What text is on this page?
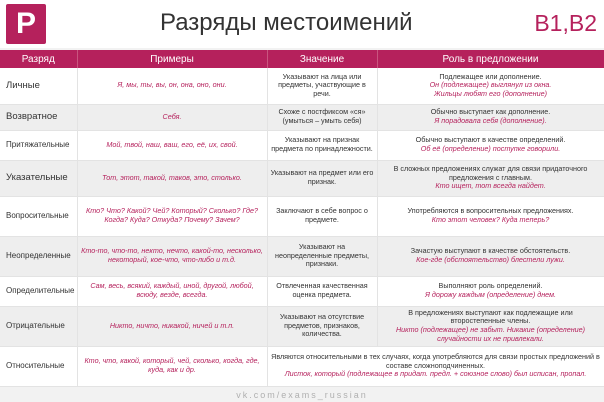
P	Разряды местоимений	B1,B2
Разряд	Примеры	Значение	Роль в предложении
Личные	Я, мы, ты, вы, он, она, оно, они.	Указывают на лица или предметы, участвующие в речи.	Подлежащее или дополнение.
Он (подлежащее) выглянул из окна.
Жильцы любят его (дополнение)

Возвратное	Себя.	Схоже с постфиксом «ся» (умыться – умыть себя)	Обычно выступает как дополнение.
Я порадовала себя (дополнение).

Притяжательные	Мой, твой, наш, ваш, его, её, их, свой.	Указывают на признак предмета по принадлежности.	Обычно выступают в качестве определений.
Об её (определение) поступке говорили.

Указательные	Тот, этот, такой, таков, это, столько.	Указывают на предмет или его признак.	В сложных предложениях служат для связи придаточного предложения с главным.
Кто ищет, тот всегда найдет.

Вопросительные	Кто? Что? Какой? Чей? Который? Сколько? Где? Когда? Куда? Откуда? Почему? Зачем?	Заключают в себе вопрос о предмете.	Употребляются в вопросительных предложениях.
Кто этот человек? Куда теперь?

Неопределенные	Кто-то, что-то, некто, нечто, какой-то, несколько, некоторый, кое-что, что-либо и т.д.	Указывают на неопределенные предметы, признаки.	Зачастую выступают в качестве обстоятельств.
Кое-где (обстоятельство) блестели лужи.

Определительные	Сам, весь, всякий, каждый, иной, другой, любой, всюду, везде, всегда.	Отвлеченная качественная оценка предмета.	Выполняют роль определений.
Я дорожу каждым (определение) днем.

Отрицательные	Никто, ничто, никакой, ничей и т.п.	Указывают на отсутствие предметов, признаков, количества.	В предложениях выступают как подлежащие или второстепенные члены.
Никто (подлежащее) не забыт. Никакие (определение) случайности их не привлекали.

Относительные	Кто, что, какой, который, чей, сколько, когда, где, куда, как и др.	Являются относительными в тех случаях, когда употребляются для связи простых предложений в составе сложноподчиненных.
Листок, который (подлежащее в придат. предл. + союзное слово) был исписан, пропал.	
vk.com/exams_russian
